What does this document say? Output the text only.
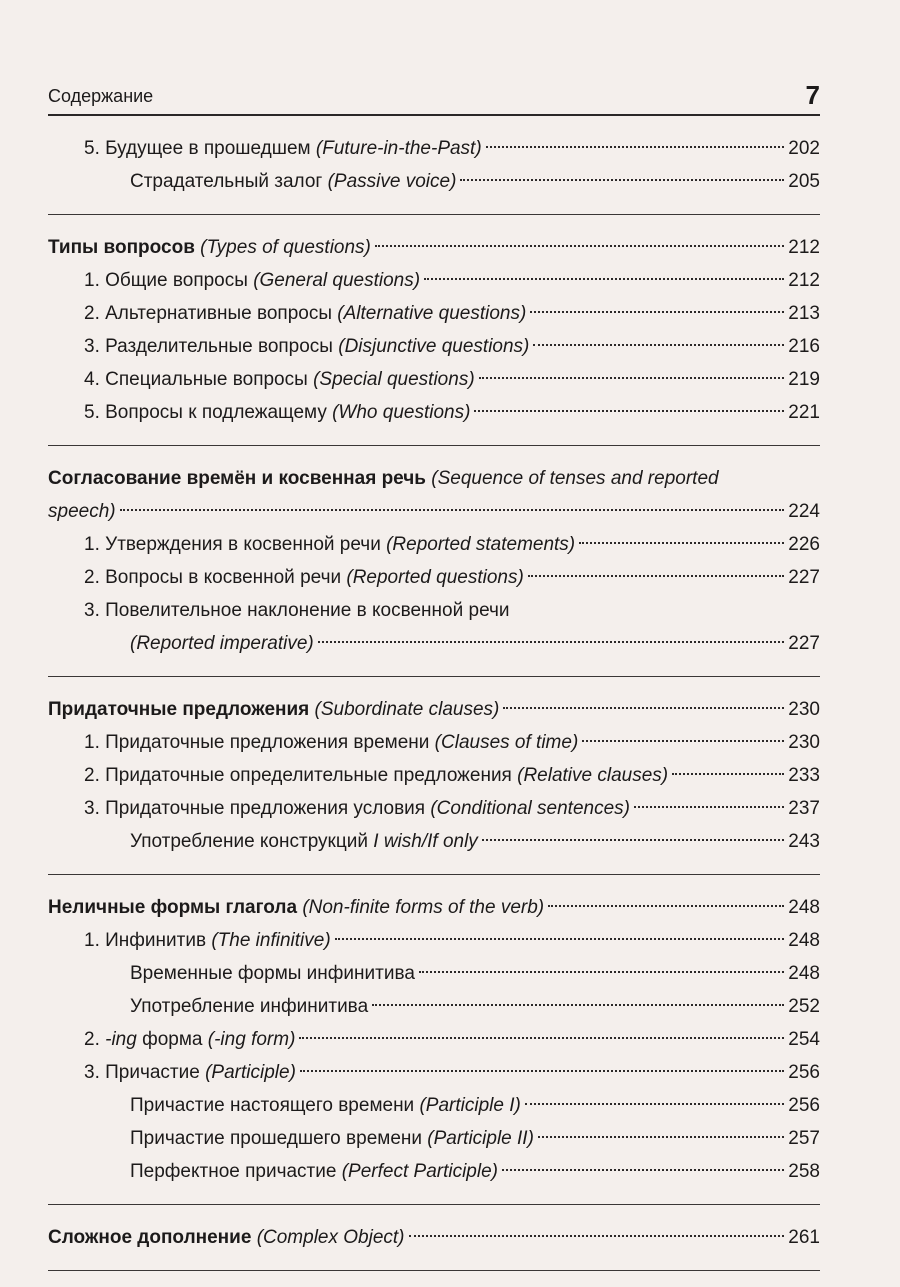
Содержание	7
5. Будущее в прошедшем (Future-in-the-Past)	202
Страдательный залог (Passive voice)	205
Типы вопросов (Types of questions)	212
1. Общие вопросы (General questions)	212
2. Альтернативные вопросы (Alternative questions)	213
3. Разделительные вопросы (Disjunctive questions)	216
4. Специальные вопросы (Special questions)	219
5. Вопросы к подлежащему (Who questions)	221
Согласование времён и косвенная речь (Sequence of tenses and reported
speech)	224
1. Утверждения в косвенной речи (Reported statements)	226
2. Вопросы в косвенной речи (Reported questions)	227
3. Повелительное наклонение в косвенной речи
(Reported imperative)	227
Придаточные предложения (Subordinate clauses)	230
1. Придаточные предложения времени (Clauses of time)	230
2. Придаточные определительные предложения (Relative clauses)	233
3. Придаточные предложения условия (Conditional sentences)	237
Употребление конструкций I wish/If only	243
Неличные формы глагола (Non-finite forms of the verb)	248
1. Инфинитив (The infinitive)	248
Временные формы инфинитива	248
Употребление инфинитива	252
2. -ing форма (-ing form)	254
3. Причастие (Participle)	256
Причастие настоящего времени (Participle I)	256
Причастие прошедшего времени (Participle II)	257
Перфектное причастие (Perfect Participle)	258
Сложное дополнение (Complex Object)	261
